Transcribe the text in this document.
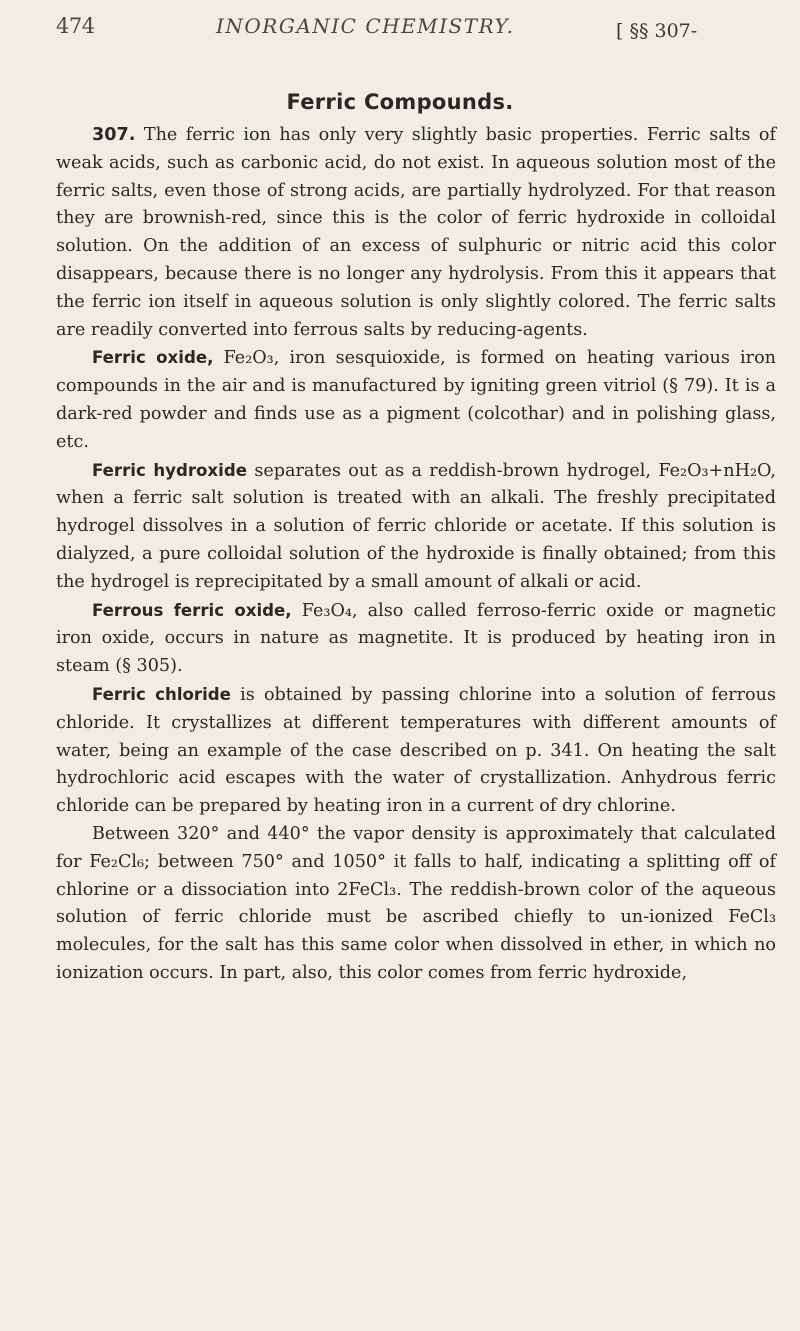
474	INORGANIC CHEMISTRY.	[ §§ 307-
Ferric Compounds.

307. The ferric ion has only very slightly basic properties. Ferric salts of weak acids, such as carbonic acid, do not exist. In aqueous solution most of the ferric salts, even those of strong acids, are partially hydrolyzed. For that reason they are brownish-red, since this is the color of ferric hydroxide in colloidal solution. On the addition of an excess of sulphuric or nitric acid this color disappears, because there is no longer any hydrolysis. From this it appears that the ferric ion itself in aqueous solution is only slightly colored. The ferric salts are readily converted into ferrous salts by reducing-agents.

Ferric oxide, Fe₂O₃, iron sesquioxide, is formed on heating various iron compounds in the air and is manufactured by igniting green vitriol (§ 79). It is a dark-red powder and finds use as a pigment (colcothar) and in polishing glass, etc.

Ferric hydroxide separates out as a reddish-brown hydrogel, Fe₂O₃+nH₂O, when a ferric salt solution is treated with an alkali. The freshly precipitated hydrogel dissolves in a solution of ferric chloride or acetate. If this solution is dialyzed, a pure colloidal solution of the hydroxide is finally obtained; from this the hydrogel is reprecipitated by a small amount of alkali or acid.

Ferrous ferric oxide, Fe₃O₄, also called ferroso-ferric oxide or magnetic iron oxide, occurs in nature as magnetite. It is produced by heating iron in steam (§ 305).

Ferric chloride is obtained by passing chlorine into a solution of ferrous chloride. It crystallizes at different temperatures with different amounts of water, being an example of the case described on p. 341. On heating the salt hydrochloric acid escapes with the water of crystallization. Anhydrous ferric chloride can be prepared by heating iron in a current of dry chlorine.

Between 320° and 440° the vapor density is approximately that calculated for Fe₂Cl₆; between 750° and 1050° it falls to half, indicating a splitting off of chlorine or a dissociation into 2FeCl₃. The reddish-brown color of the aqueous solution of ferric chloride must be ascribed chiefly to un-ionized FeCl₃ molecules, for the salt has this same color when dissolved in ether, in which no ionization occurs. In part, also, this color comes from ferric hydroxide,
